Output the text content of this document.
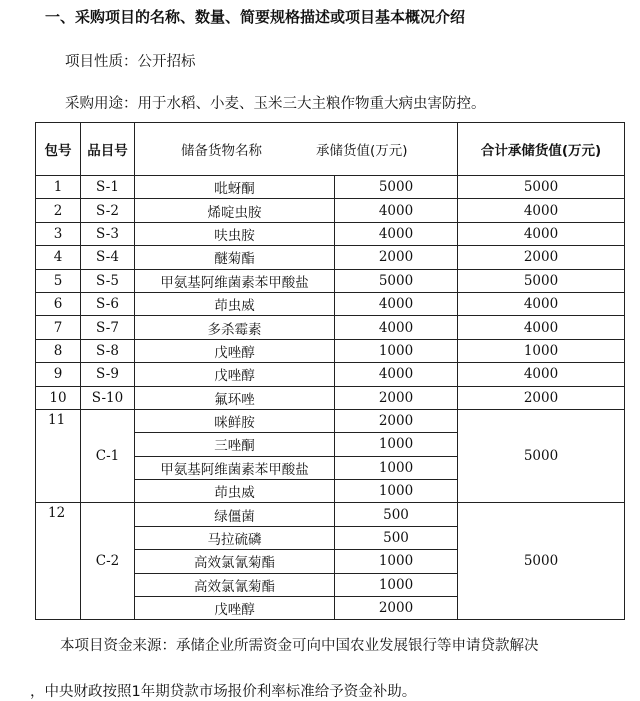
一、采购项目的名称、数量、简要规格描述或项目基本概况介绍
项目性质：公开招标
采购用途：用于水稻、小麦、玉米三大主粮作物重大病虫害防控。
包号	品目号	储备货物名称 承储货值(万元)		合计承储货值(万元)
1	S-1	吡蚜酮	5000	5000
2	S-2	烯啶虫胺	4000	4000
3	S-3	呋虫胺	4000	4000
4	S-4	醚菊酯	2000	2000
5	S-5	甲氨基阿维菌素苯甲酸盐	5000	5000
6	S-6	茚虫威	4000	4000
7	S-7	多杀霉素	4000	4000
8	S-8	戊唑醇	1000	1000
9	S-9	戊唑醇	4000	4000
10	S-10	氟环唑	2000	2000
11	C-1	咪鲜胺	2000	5000
		三唑酮	1000	
		甲氨基阿维菌素苯甲酸盐	1000	
		茚虫威	1000	
12	C-2	绿僵菌	500	5000
		马拉硫磷	500	
		高效氯氰菊酯	1000	
		高效氯氰菊酯	1000	
		戊唑醇	2000	
本项目资金来源：承储企业所需资金可向中国农业发展银行等申请贷款解决
，中央财政按照1年期贷款市场报价利率标准给予资金补助。
